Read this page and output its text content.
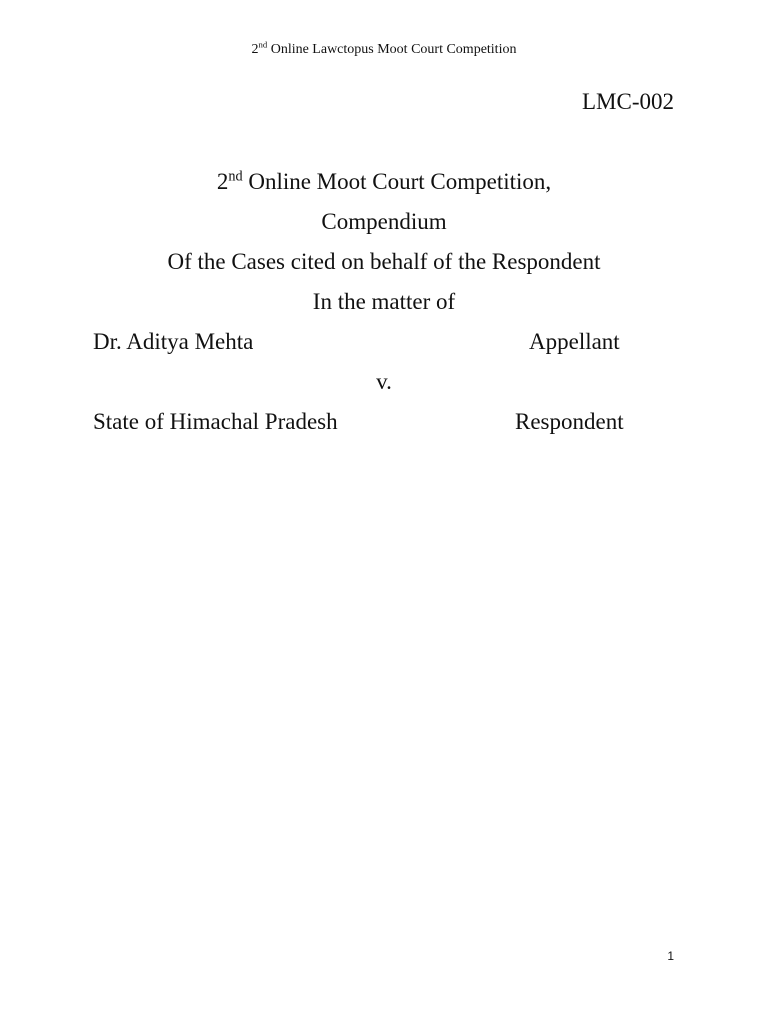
2nd Online Lawctopus Moot Court Competition
LMC-002
2nd Online Moot Court Competition,
Compendium
Of the Cases cited on behalf of the Respondent
In the matter of
Dr. Aditya Mehta	Appellant
v.
State of Himachal Pradesh	Respondent
1
